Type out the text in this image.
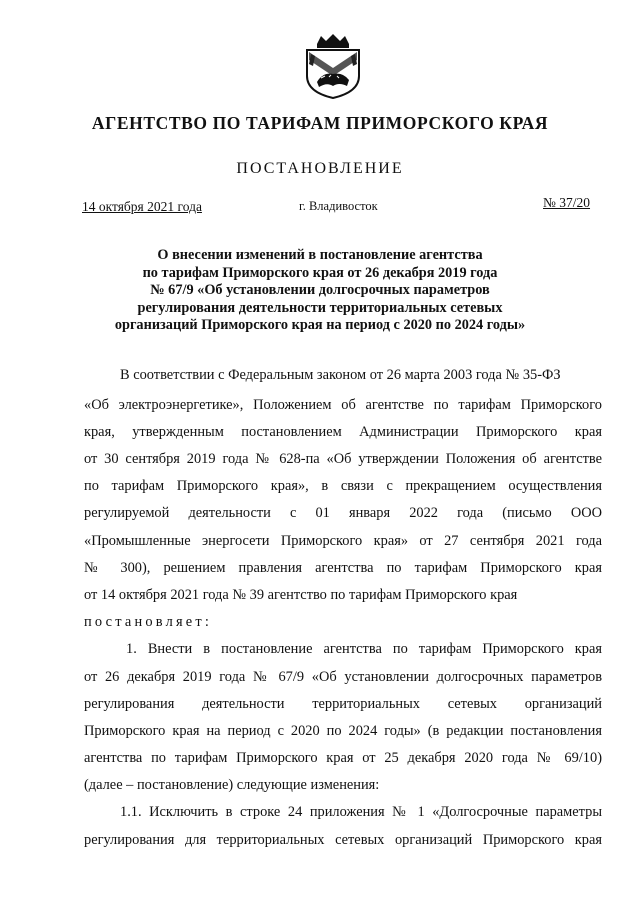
АГЕНТСТВО ПО ТАРИФАМ ПРИМОРСКОГО КРАЯ
ПОСТАНОВЛЕНИЕ
14 октября 2021 года	г. Владивосток	№ 37/20
О внесении изменений в постановление агентства
по тарифам Приморского края от 26 декабря 2019 года
№ 67/9 «Об установлении долгосрочных параметров
регулирования деятельности территориальных сетевых
организаций Приморского края на период с 2020 по 2024 годы»
В соответствии с Федеральным законом от 26 марта 2003 года № 35-ФЗ
«Об электроэнергетике», Положением об агентстве по тарифам Приморского
края, утвержденным постановлением Администрации Приморского края
от 30 сентября 2019 года № 628-па «Об утверждении Положения об агентстве
по тарифам Приморского края», в связи с прекращением осуществления
регулируемой деятельности с 01 января 2022 года (письмо ООО
«Промышленные энергосети Приморского края» от 27 сентября 2021 года
№ 300), решением правления агентства по тарифам Приморского края
от 14 октября 2021 года № 39 агентство по тарифам Приморского края
постановляет:
1. Внести в постановление агентства по тарифам Приморского края
от 26 декабря 2019 года № 67/9 «Об установлении долгосрочных параметров
регулирования деятельности территориальных сетевых организаций
Приморского края на период с 2020 по 2024 годы» (в редакции постановления
агентства по тарифам Приморского края от 25 декабря 2020 года № 69/10)
(далее – постановление) следующие изменения:
1.1. Исключить в строке 24 приложения № 1 «Долгосрочные параметры
регулирования для территориальных сетевых организаций Приморского края
